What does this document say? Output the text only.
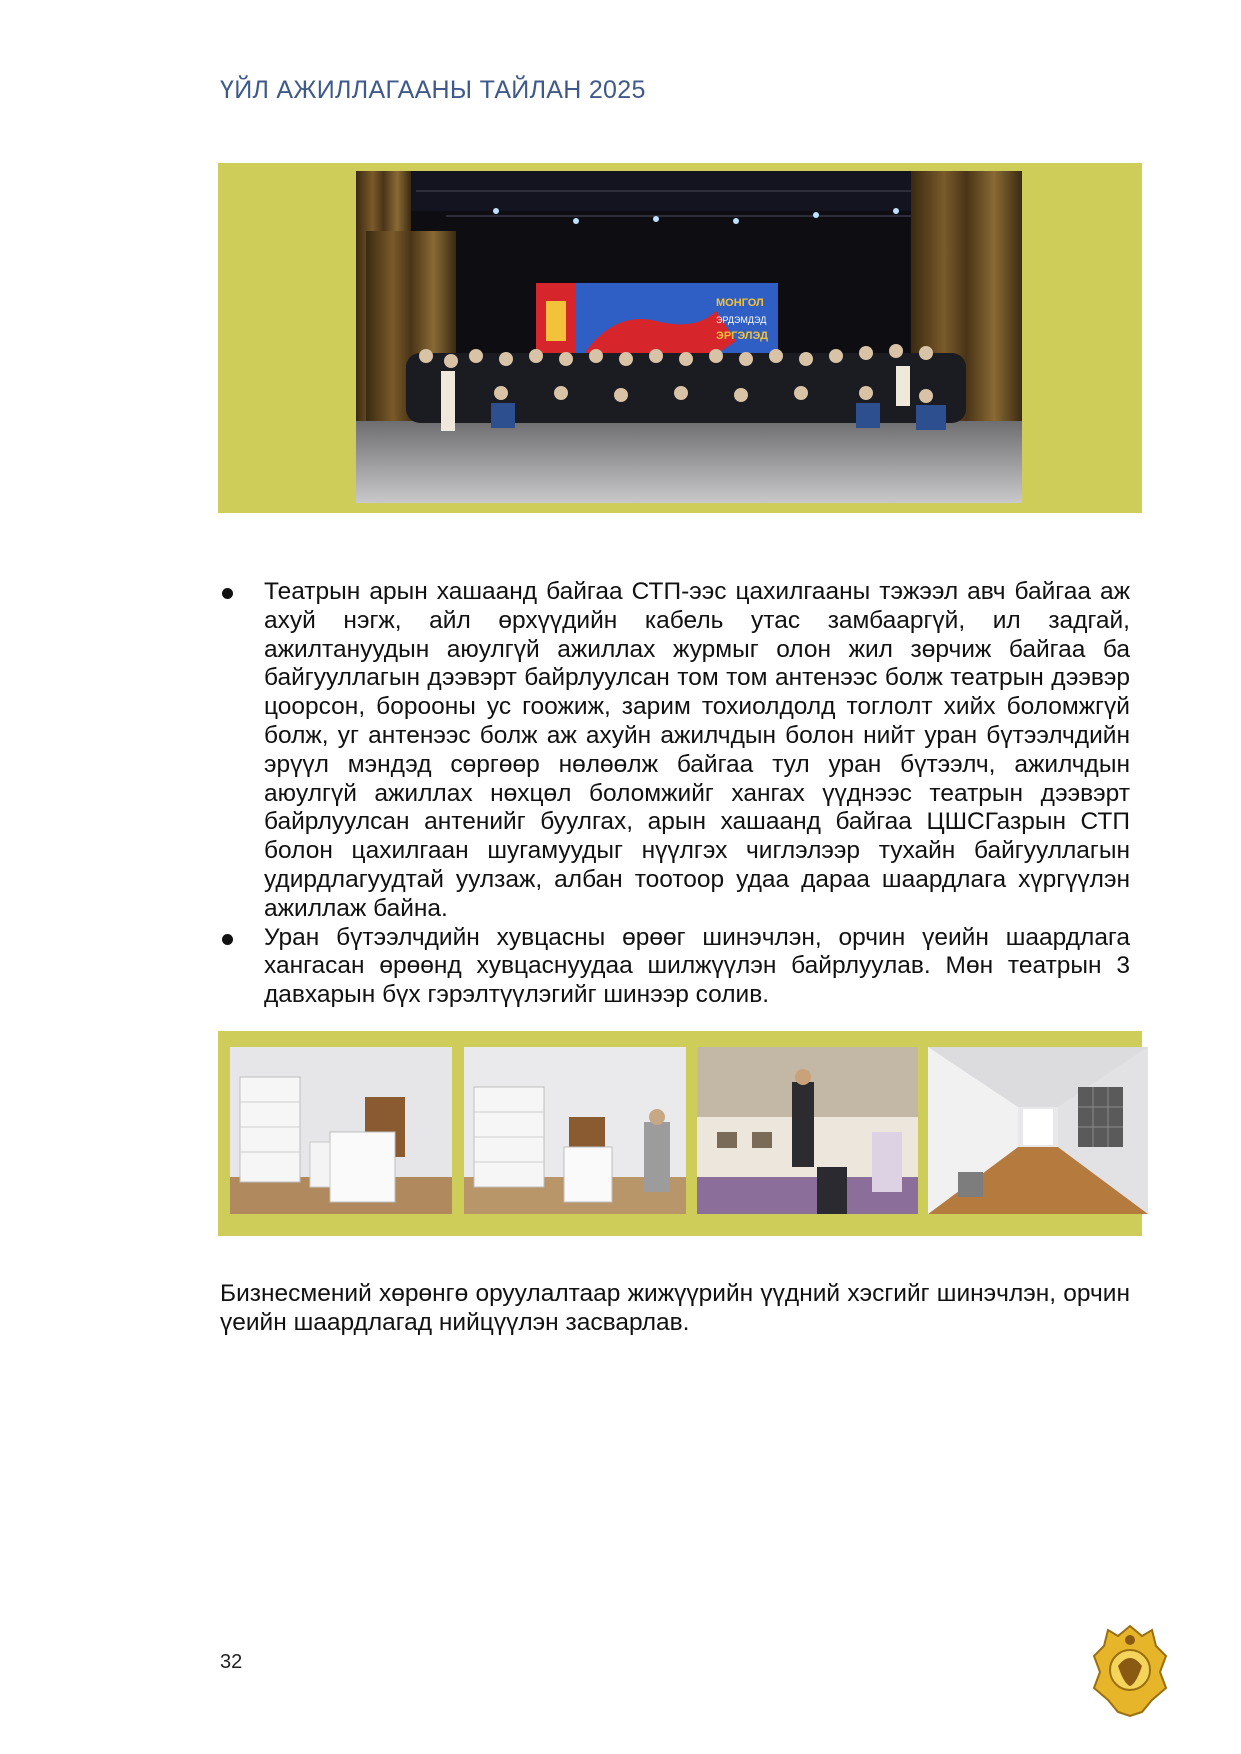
ҮЙЛ АЖИЛЛАГААНЫ ТАЙЛАН 2025
МОНГОЛ
ЭРДЭМДЭД
ЭРГЭЛЭД
Театрын арын хашаанд байгаа СТП-ээс цахилгааны тэжээл авч байгаа аж ахуй нэгж, айл өрхүүдийн кабель утас замбааргүй, ил задгай, ажилтануудын аюулгүй ажиллах журмыг олон жил зөрчиж байгаа ба байгууллагын дээвэрт байрлуулсан том том антенээс болж театрын дээвэр цоорсон, борооны ус гоожиж, зарим тохиолдолд тоглолт хийх боломжгүй болж, уг антенээс болж аж ахуйн ажилчдын болон нийт уран бүтээлчдийн эрүүл мэндэд сөргөөр нөлөөлж байгаа тул уран бүтээлч, ажилчдын аюулгүй ажиллах нөхцөл боломжийг хангах үүднээс театрын дээвэрт байрлуулсан антенийг буулгах, арын хашаанд байгаа ЦШСГазрын СТП болон цахилгаан шугамуудыг нүүлгэх чиглэлээр тухайн байгууллагын удирдлагуудтай уулзаж, албан тоотоор удаа дараа шаардлага хүргүүлэн ажиллаж байна.
Уран бүтээлчдийн хувцасны өрөөг шинэчлэн, орчин үеийн шаардлага хангасан өрөөнд хувцаснуудаа шилжүүлэн байрлуулав. Мөн театрын 3 давхарын бүх гэрэлтүүлэгийг шинээр солив.

Бизнесмений хөрөнгө оруулалтаар жижүүрийн үүдний хэсгийг шинэчлэн, орчин үеийн шаардлагад нийцүүлэн засварлав.

32
